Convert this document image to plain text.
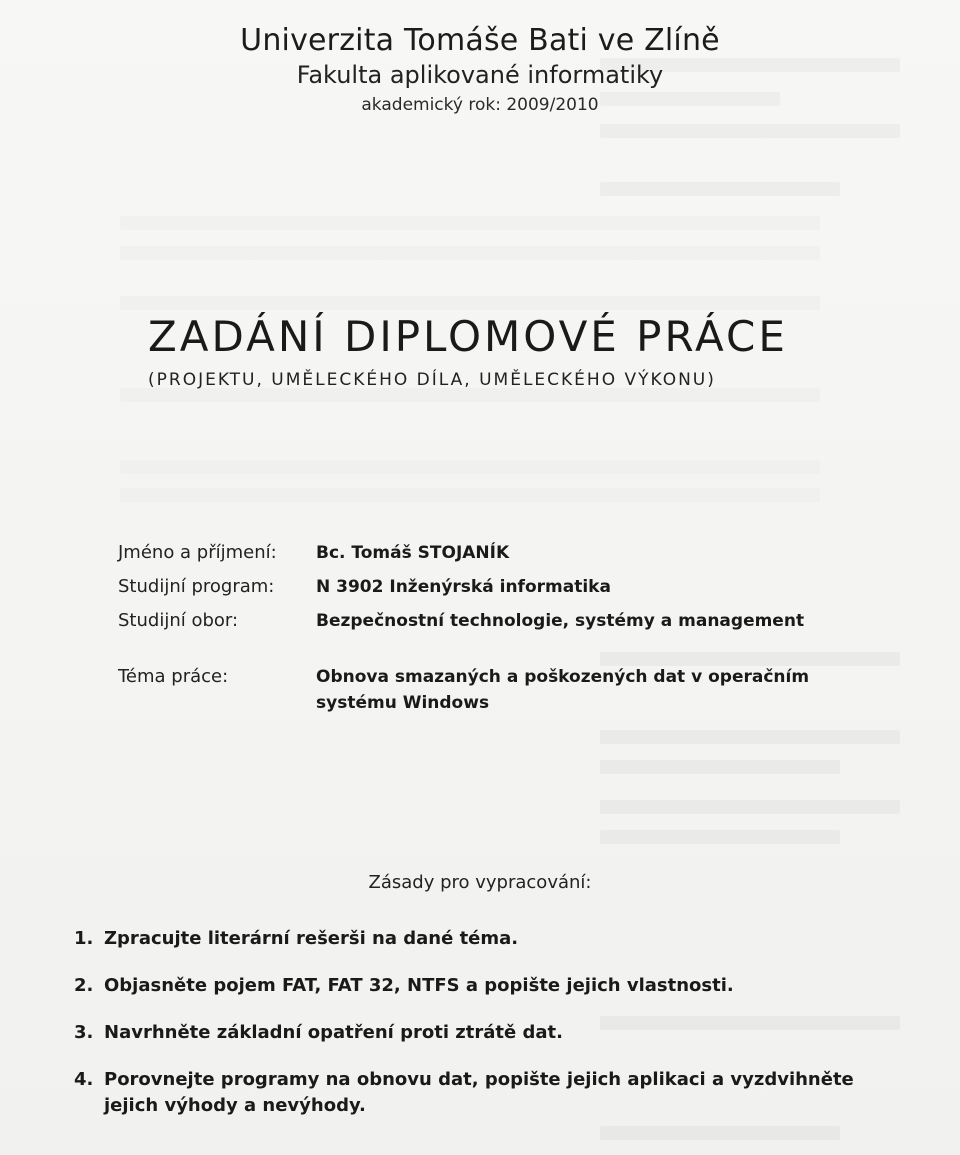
Univerzita Tomáše Bati ve Zlíně
Fakulta aplikované informatiky
akademický rok: 2009/2010
ZADÁNÍ DIPLOMOVÉ PRÁCE
(PROJEKTU, UMĚLECKÉHO DÍLA, UMĚLECKÉHO VÝKONU)
Jméno a příjmení:	Bc. Tomáš STOJANÍK
Studijní program:	N 3902 Inženýrská informatika
Studijní obor:	Bezpečnostní technologie, systémy a management
Téma práce:	Obnova smazaných a poškozených dat v operačním systému Windows
Zásady pro vypracování:
1. Zpracujte literární rešerši na dané téma.
2. Objasněte pojem FAT, FAT 32, NTFS a popište jejich vlastnosti.
3. Navrhněte základní opatření proti ztrátě dat.
4. Porovnejte programy na obnovu dat, popište jejich aplikaci a vyzdvihněte jejich výhody a nevýhody.
